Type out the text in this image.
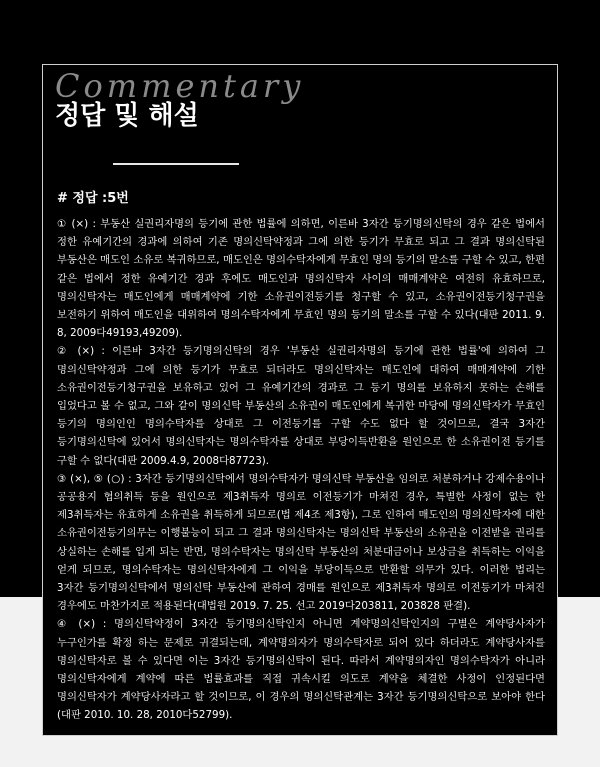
Commentary
정답 및 해설
# 정답 :5번

① (×) : 부동산 실권리자명의 등기에 관한 법률에 의하면, 이른바 3자간 등기명의신탁의 경우 같은 법에서 정한 유예기간의 경과에 의하여 기존 명의신탁약정과 그에 의한 등기가 무효로 되고 그 결과 명의신탁된 부동산은 매도인 소유로 복귀하므로, 매도인은 명의수탁자에게 무효인 명의 등기의 말소를 구할 수 있고, 한편 같은 법에서 정한 유예기간 경과 후에도 매도인과 명의신탁자 사이의 매매계약은 여전히 유효하므로, 명의신탁자는 매도인에게 매매계약에 기한 소유권이전등기를 청구할 수 있고, 소유권이전등기청구권을 보전하기 위하여 매도인을 대위하여 명의수탁자에게 무효인 명의 등기의 말소를 구할 수 있다(대판 2011. 9. 8, 2009다49193,49209).

② (×) : 이른바 3자간 등기명의신탁의 경우 '부동산 실권리자명의 등기에 관한 법률'에 의하여 그 명의신탁약정과 그에 의한 등기가 무효로 되더라도 명의신탁자는 매도인에 대하여 매매계약에 기한 소유권이전등기청구권을 보유하고 있어 그 유예기간의 경과로 그 등기 명의를 보유하지 못하는 손해를 입었다고 볼 수 없고, 그와 같이 명의신탁 부동산의 소유권이 매도인에게 복귀한 마당에 명의신탁자가 무효인 등기의 명의인인 명의수탁자를 상대로 그 이전등기를 구할 수도 없다 할 것이므로, 결국 3자간 등기명의신탁에 있어서 명의신탁자는 명의수탁자를 상대로 부당이득반환을 원인으로 한 소유권이전 등기를 구할 수 없다(대판 2009.4.9, 2008다87723).

③ (×), ⑤ (○) : 3자간 등기명의신탁에서 명의수탁자가 명의신탁 부동산을 임의로 처분하거나 강제수용이나 공공용지 협의취득 등을 원인으로 제3취득자 명의로 이전등기가 마쳐진 경우, 특별한 사정이 없는 한 제3취득자는 유효하게 소유권을 취득하게 되므로(법 제4조 제3항), 그로 인하여 매도인의 명의신탁자에 대한 소유권이전등기의무는 이행불능이 되고 그 결과 명의신탁자는 명의신탁 부동산의 소유권을 이전받을 권리를 상실하는 손해를 입게 되는 반면, 명의수탁자는 명의신탁 부동산의 처분대금이나 보상금을 취득하는 이익을 얻게 되므로, 명의수탁자는 명의신탁자에게 그 이익을 부당이득으로 반환할 의무가 있다. 이러한 법리는 3자간 등기명의신탁에서 명의신탁 부동산에 관하여 경매를 원인으로 제3취득자 명의로 이전등기가 마쳐진 경우에도 마찬가지로 적용된다(대법원 2019. 7. 25. 선고 2019다203811, 203828 판결).

④ (×) : 명의신탁약정이 3자간 등기명의신탁인지 아니면 계약명의신탁인지의 구별은 계약당사자가 누구인가를 확정 하는 문제로 귀결되는데, 계약명의자가 명의수탁자로 되어 있다 하더라도 계약당사자를 명의신탁자로 볼 수 있다면 이는 3자간 등기명의신탁이 된다. 따라서 계약명의자인 명의수탁자가 아니라 명의신탁자에게 계약에 따른 법률효과를 직접 귀속시킬 의도로 계약을 체결한 사정이 인정된다면 명의신탁자가 계약당사자라고 할 것이므로, 이 경우의 명의신탁관계는 3자간 등기명의신탁으로 보아야 한다(대판 2010. 10. 28, 2010다52799).
